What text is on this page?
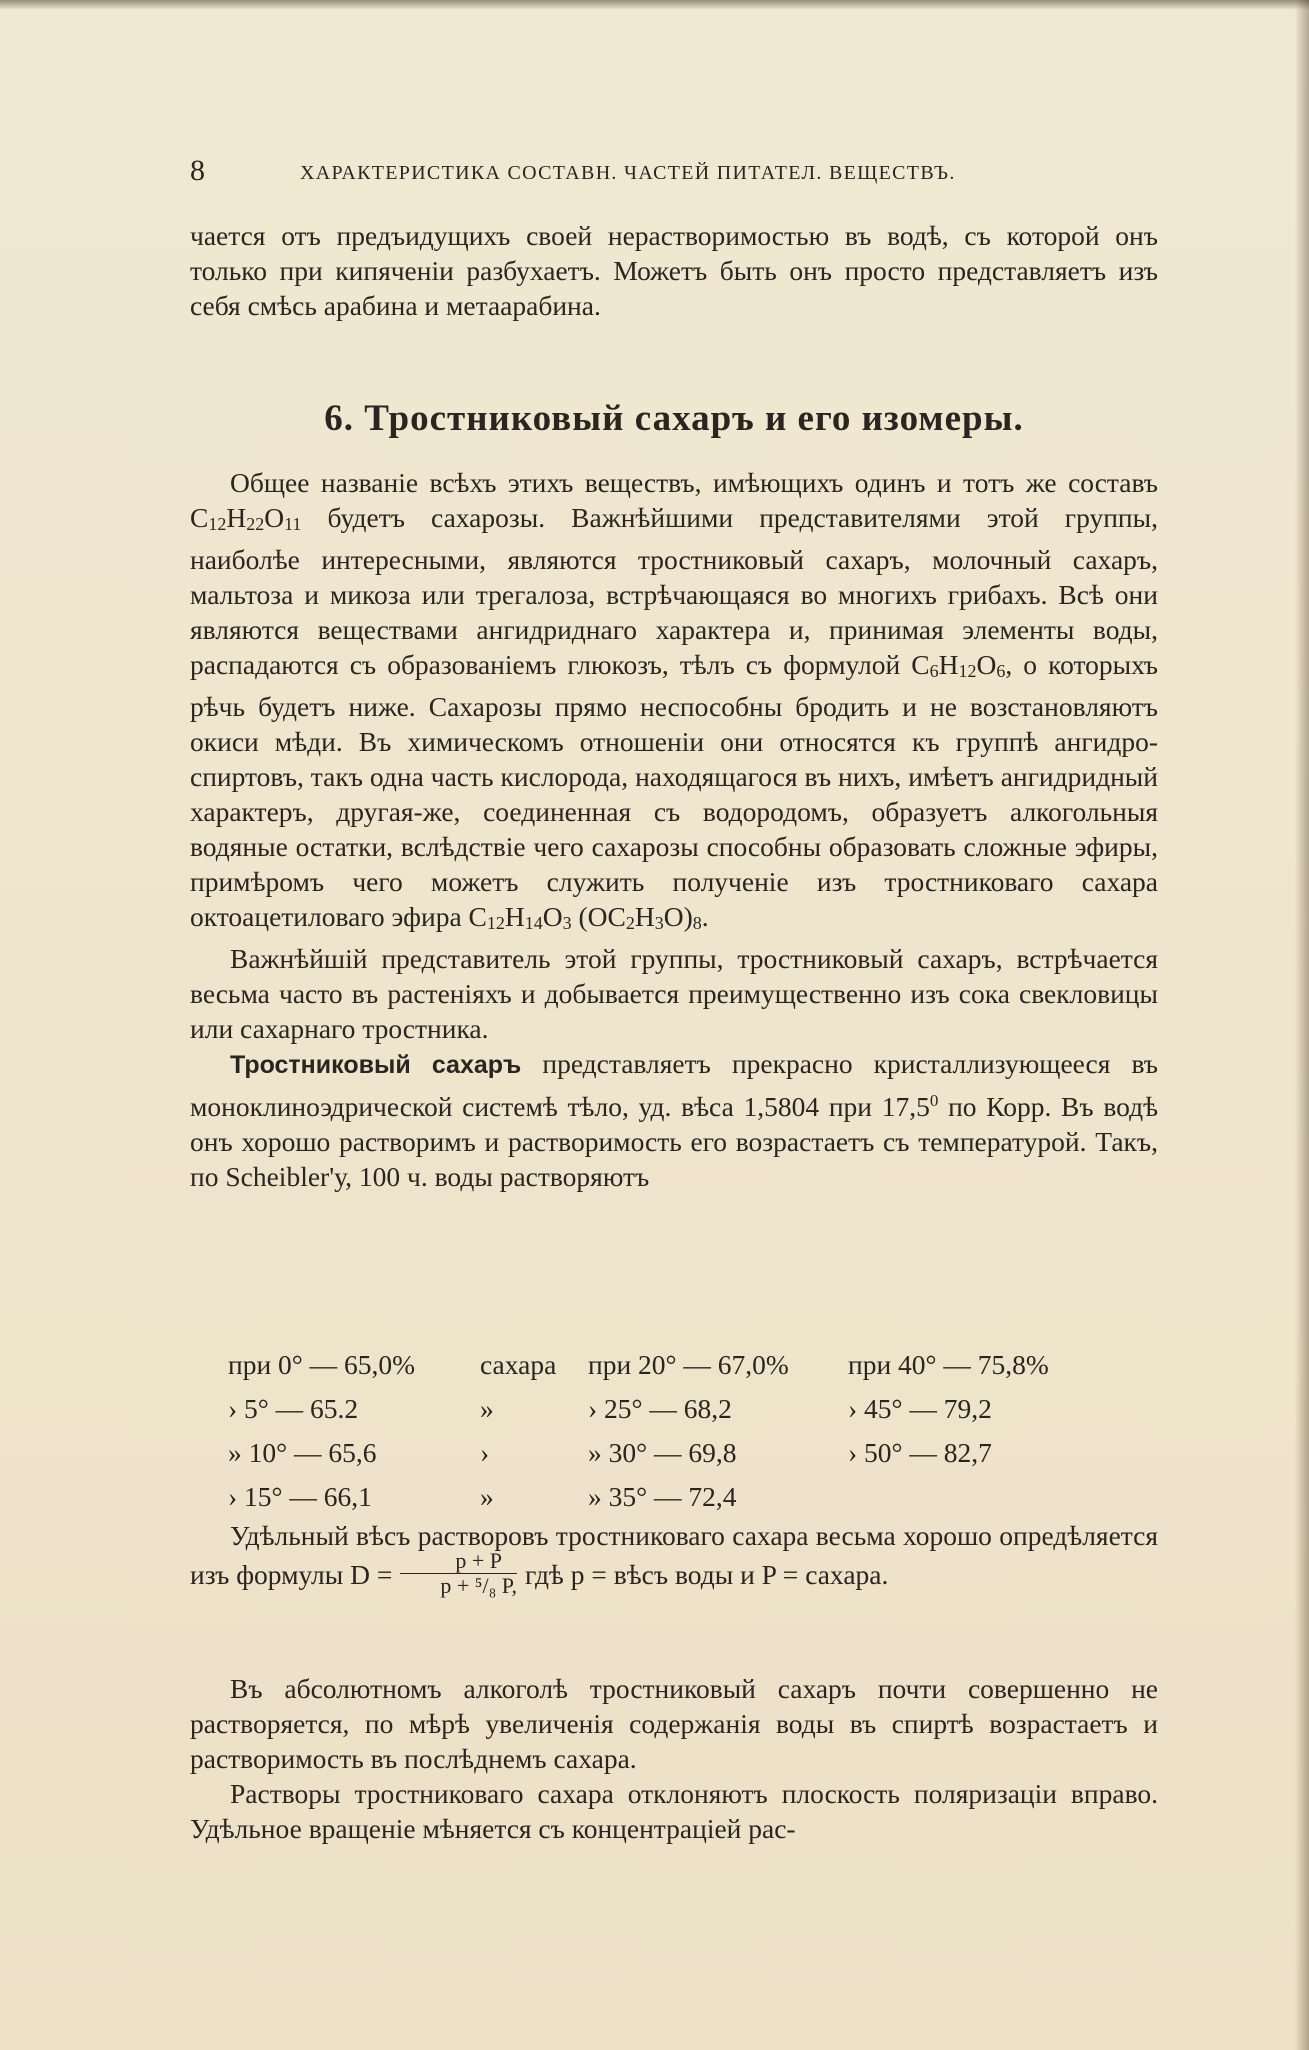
8	ХАРАКТЕРИСТИКА СОСТАВН. ЧАСТЕЙ ПИТАТЕЛ. ВЕЩЕСТВЪ.

чается отъ предъидущихъ своей нерастворимостью въ водѣ, съ которой онъ только при кипяченіи разбухаетъ. Можетъ быть онъ просто представляетъ изъ себя смѣсь арабина и метаарабина.

6. Тростниковый сахаръ и его изомеры.

Общее названіе всѣхъ этихъ веществъ, имѣющихъ одинъ и тотъ же составъ C12H22O11 будетъ сахарозы. Важнѣйшими представителями этой группы, наиболѣе интересными, являются тростниковый сахаръ, молочный сахаръ, мальтоза и микоза или трегалоза, встрѣчающаяся во многихъ грибахъ. Всѣ они являются веществами ангидриднаго характера и, принимая элементы воды, распадаются съ образованіемъ глюкозъ, тѣлъ съ формулой C6H12O6, о которыхъ рѣчь будетъ ниже. Сахарозы прямо неспособны бродить и не возстановляютъ окиси мѣди. Въ химическомъ отношеніи они относятся къ группѣ ангидро-спиртовъ, такъ одна часть кислорода, находящагося въ нихъ, имѣетъ ангидридный характеръ, другая-же, соединенная съ водородомъ, образуетъ алкогольныя водяные остатки, вслѣдствіе чего сахарозы способны образовать сложные эфиры, примѣромъ чего можетъ служить полученіе изъ тростниковаго сахара октоацетиловаго эфира C12H14O3 (OC2H3O)8.

Важнѣйшій представитель этой группы, тростниковый сахаръ, встрѣчается весьма часто въ растеніяхъ и добывается преимущественно изъ сока свекловицы или сахарнаго тростника.

Тростниковый сахаръ представляетъ прекрасно кристаллизующееся въ моноклиноэдрической системѣ тѣло, уд. вѣса 1,5804 при 17,5$^0$ по Корр. Въ водѣ онъ хорошо растворимъ и растворимость его возрастаетъ съ температурой. Такъ, по Scheibler'у, 100 ч. воды растворяютъ

при 0° — 65,0% сахара при 20° — 67,0% при 40° — 75,8%
› 5° — 65.2	»	› 25° — 68,2	› 45° — 79,2
» 10° — 65,6	›	» 30° — 69,8	› 50° — 82,7
› 15° — 66,1	»	» 35° — 72,4

Удѣльный вѣсъ растворовъ тростниковаго сахара весьма хорошо опредѣляется изъ формулы $D = \frac{p + P}{\text{p + ⁵/₈ P,}}$ гдѣ p = вѣсъ воды и P = сахара.

Въ абсолютномъ алкоголѣ тростниковый сахаръ почти совершенно не растворяется, по мѣрѣ увеличенія содержанія воды въ спиртѣ возрастаетъ и растворимость въ послѣднемъ сахара.

Растворы тростниковаго сахара отклоняютъ плоскость поляризаціи вправо. Удѣльное вращеніе мѣняется съ концентраціей рас-
